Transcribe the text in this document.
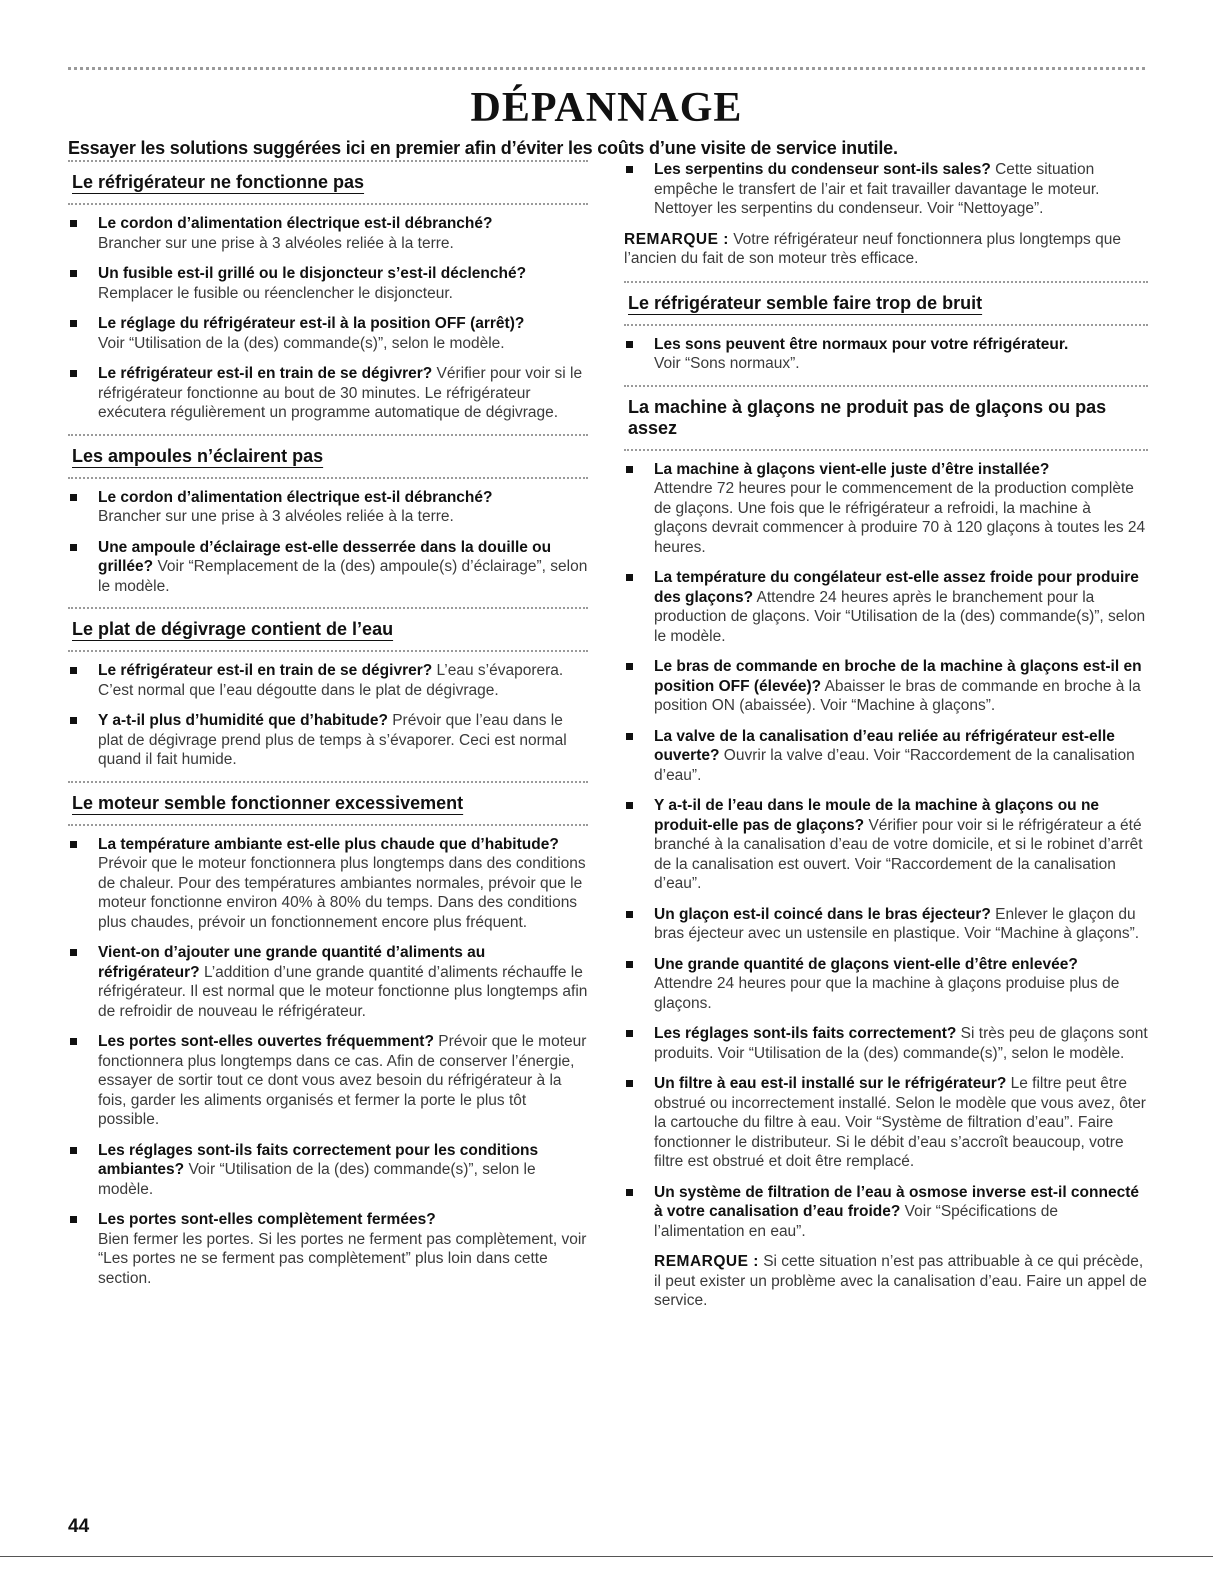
DÉPANNAGE
Essayer les solutions suggérées ici en premier afin d’éviter les coûts d’une visite de service inutile.
Le réfrigérateur ne fonctionne pas
Le cordon d’alimentation électrique est-il débranché?
Brancher sur une prise à 3 alvéoles reliée à la terre.
Un fusible est-il grillé ou le disjoncteur s’est-il déclenché?
Remplacer le fusible ou réenclencher le disjoncteur.
Le réglage du réfrigérateur est-il à la position OFF (arrêt)?
Voir “Utilisation de la (des) commande(s)”, selon le modèle.
Le réfrigérateur est-il en train de se dégivrer? Vérifier pour voir si le réfrigérateur fonctionne au bout de 30 minutes. Le réfrigérateur exécutera régulièrement un programme automatique de dégivrage.
Les ampoules n’éclairent pas
Le cordon d’alimentation électrique est-il débranché?
Brancher sur une prise à 3 alvéoles reliée à la terre.
Une ampoule d’éclairage est-elle desserrée dans la douille ou grillée? Voir “Remplacement de la (des) ampoule(s) d’éclairage”, selon le modèle.
Le plat de dégivrage contient de l’eau
Le réfrigérateur est-il en train de se dégivrer? L’eau s’évaporera. C’est normal que l’eau dégoutte dans le plat de dégivrage.
Y a-t-il plus d’humidité que d’habitude? Prévoir que l’eau dans le plat de dégivrage prend plus de temps à s’évaporer. Ceci est normal quand il fait humide.
Le moteur semble fonctionner excessivement
La température ambiante est-elle plus chaude que d’habitude? Prévoir que le moteur fonctionnera plus longtemps dans des conditions de chaleur. Pour des températures ambiantes normales, prévoir que le moteur fonctionne environ 40% à 80% du temps. Dans des conditions plus chaudes, prévoir un fonctionnement encore plus fréquent.
Vient-on d’ajouter une grande quantité d’aliments au réfrigérateur? L’addition d’une grande quantité d’aliments réchauffe le réfrigérateur. Il est normal que le moteur fonctionne plus longtemps afin de refroidir de nouveau le réfrigérateur.
Les portes sont-elles ouvertes fréquemment? Prévoir que le moteur fonctionnera plus longtemps dans ce cas. Afin de conserver l’énergie, essayer de sortir tout ce dont vous avez besoin du réfrigérateur à la fois, garder les aliments organisés et fermer la porte le plus tôt possible.
Les réglages sont-ils faits correctement pour les conditions ambiantes? Voir “Utilisation de la (des) commande(s)”, selon le modèle.
Les portes sont-elles complètement fermées?
Bien fermer les portes. Si les portes ne ferment pas complètement, voir “Les portes ne se ferment pas complètement” plus loin dans cette section.
Les serpentins du condenseur sont-ils sales? Cette situation empêche le transfert de l’air et fait travailler davantage le moteur. Nettoyer les serpentins du condenseur. Voir “Nettoyage”.

REMARQUE : Votre réfrigérateur neuf fonctionnera plus longtemps que l’ancien du fait de son moteur très efficace.

Le réfrigérateur semble faire trop de bruit
Les sons peuvent être normaux pour votre réfrigérateur.
Voir “Sons normaux”.
La machine à glaçons ne produit pas de glaçons ou pas assez
La machine à glaçons vient-elle juste d’être installée?
Attendre 72 heures pour le commencement de la production complète de glaçons. Une fois que le réfrigérateur a refroidi, la machine à glaçons devrait commencer à produire 70 à 120 glaçons à toutes les 24 heures.
La température du congélateur est-elle assez froide pour produire des glaçons? Attendre 24 heures après le branchement pour la production de glaçons. Voir “Utilisation de la (des) commande(s)”, selon le modèle.
Le bras de commande en broche de la machine à glaçons est-il en position OFF (élevée)? Abaisser le bras de commande en broche à la position ON (abaissée). Voir “Machine à glaçons”.
La valve de la canalisation d’eau reliée au réfrigérateur est-elle ouverte? Ouvrir la valve d’eau. Voir “Raccordement de la canalisation d’eau”.
Y a-t-il de l’eau dans le moule de la machine à glaçons ou ne produit-elle pas de glaçons? Vérifier pour voir si le réfrigérateur a été branché à la canalisation d’eau de votre domicile, et si le robinet d’arrêt de la canalisation est ouvert. Voir “Raccordement de la canalisation d’eau”.
Un glaçon est-il coincé dans le bras éjecteur? Enlever le glaçon du bras éjecteur avec un ustensile en plastique. Voir “Machine à glaçons”.
Une grande quantité de glaçons vient-elle d’être enlevée?
Attendre 24 heures pour que la machine à glaçons produise plus de glaçons.
Les réglages sont-ils faits correctement? Si très peu de glaçons sont produits. Voir “Utilisation de la (des) commande(s)”, selon le modèle.
Un filtre à eau est-il installé sur le réfrigérateur? Le filtre peut être obstrué ou incorrectement installé. Selon le modèle que vous avez, ôter la cartouche du filtre à eau. Voir “Système de filtration d’eau”. Faire fonctionner le distributeur. Si le débit d’eau s’accroît beaucoup, votre filtre est obstrué et doit être remplacé.
Un système de filtration de l’eau à osmose inverse est-il connecté à votre canalisation d’eau froide? Voir “Spécifications de l’alimentation en eau”.

REMARQUE : Si cette situation n’est pas attribuable à ce qui précède, il peut exister un problème avec la canalisation d’eau. Faire un appel de service.

44
